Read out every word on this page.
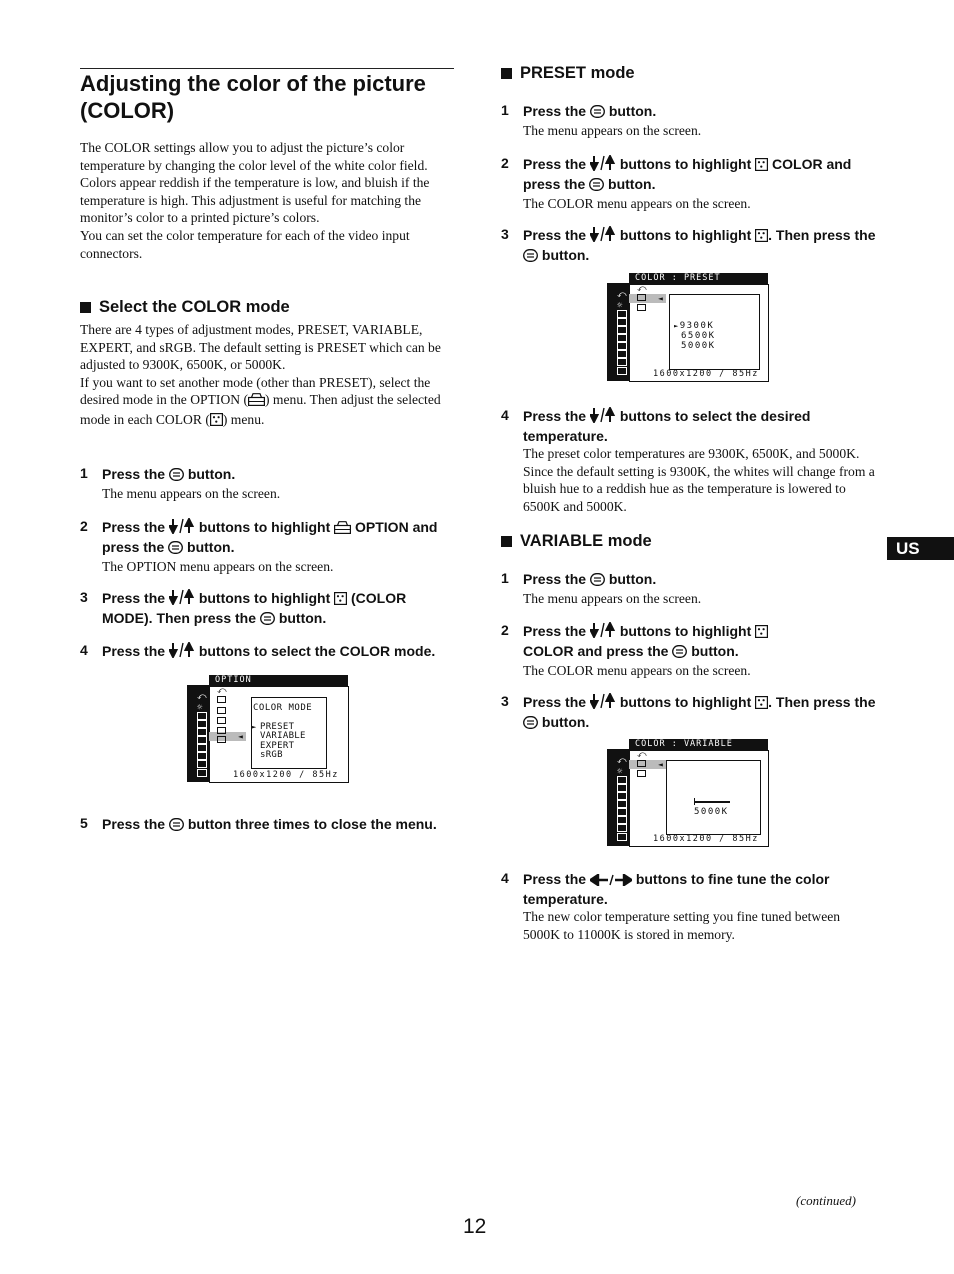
Adjusting the color of the picture (COLOR)

The COLOR settings allow you to adjust the picture’s color temperature by changing the color level of the white color field. Colors appear reddish if the temperature is low, and bluish if the temperature is high. This adjustment is useful for matching the monitor’s color to a printed picture’s colors.

You can set the color temperature for each of the video input connectors.

Select the COLOR mode

There are 4 types of adjustment modes, PRESET, VARIABLE, EXPERT, and sRGB. The default setting is PRESET which can be adjusted to 9300K, 6500K, or 5000K.

If you want to set another mode (other than PRESET), select the desired mode in the OPTION ( ) menu. Then adjust the selected mode in each COLOR ( ) menu.

1 Press the button.
The menu appears on the screen.
2 Press the buttons to highlight OPTION and press the button.
The OPTION menu appears on the screen.
3 Press the buttons to highlight (COLOR MODE). Then press the button.
4 Press the buttons to select the COLOR mode.
OPTION
COLOR MODE
► PRESET
VARIABLE
EXPERT
sRGB
1600x1200 / 85Hz
⤺
☼
⤺
◄
5 Press the button three times to close the menu.
PRESET mode
1 Press the button.
The menu appears on the screen.
2 Press the buttons to highlight COLOR and press the button.
The COLOR menu appears on the screen.
3 Press the buttons to highlight . Then press the  button.
COLOR : PRESET
►9300K
6500K
5000K
1600x1200 / 85Hz
⤺
☼
⤺
◄
4 Press the buttons to select the desired temperature.
The preset color temperatures are 9300K, 6500K, and 5000K. Since the default setting is 9300K, the whites will change from a bluish hue to a reddish hue as the temperature is lowered to 6500K and 5000K.
VARIABLE mode
1 Press the button.
The menu appears on the screen.
2 Press the buttons to highlight  COLOR and press the button.
The COLOR menu appears on the screen.
3 Press the buttons to highlight . Then press the  button.
COLOR : VARIABLE
5000K
1600x1200 / 85Hz
⤺
☼
⤺
◄
4 Press the	buttons to fine tune the color temperature.
The new color temperature setting you fine tuned between 5000K to 11000K is stored in memory.
US
(continued)
12
